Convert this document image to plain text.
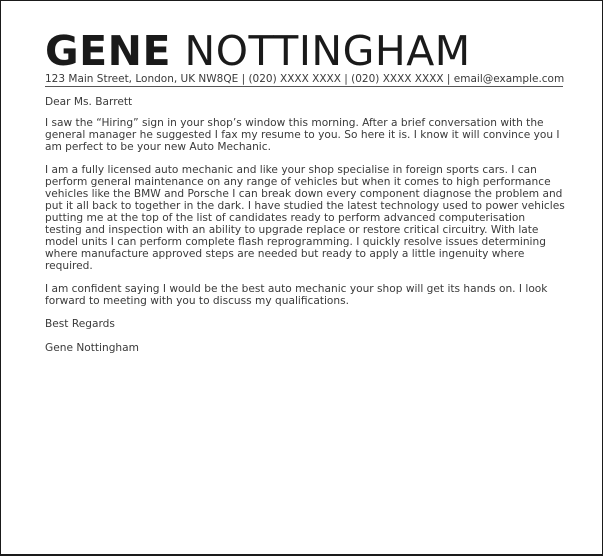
GENE NOTTINGHAM
123 Main Street, London, UK NW8QE | (020) XXXX XXXX | (020) XXXX XXXX | email@example.com

Dear Ms. Barrett

I saw the “Hiring” sign in your shop’s window this morning. After a brief conversation with the general manager he suggested I fax my resume to you. So here it is. I know it will convince you I am perfect to be your new Auto Mechanic.

I am a fully licensed auto mechanic and like your shop specialise in foreign sports cars. I can perform general maintenance on any range of vehicles but when it comes to high performance vehicles like the BMW and Porsche I can break down every component diagnose the problem and put it all back to together in the dark. I have studied the latest technology used to power vehicles putting me at the top of the list of candidates ready to perform advanced computerisation testing and inspection with an ability to upgrade replace or restore critical circuitry. With late model units I can perform complete flash reprogramming. I quickly resolve issues determining where manufacture approved steps are needed but ready to apply a little ingenuity where required.

I am confident saying I would be the best auto mechanic your shop will get its hands on. I look forward to meeting with you to discuss my qualifications.

Best Regards

Gene Nottingham
